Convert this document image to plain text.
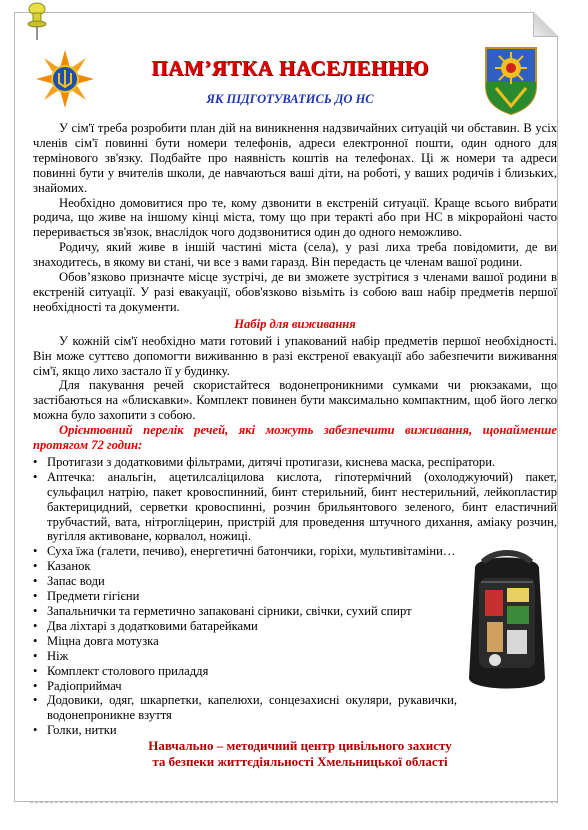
ПАМ’ЯТКА НАСЕЛЕННЮ
ЯК ПІДГОТУВАТИСЬ ДО НС

У сім'ї треба розробити план дій на виникнення надзвичайних ситуацій чи обставин. В усіх членів сім'ї повинні бути номери телефонів, адреси електронної пошти, один одного для термінового зв'язку. Подбайте про наявність коштів на телефонах. Ці ж номери та адреси повинні бути у вчителів школи, де навчаються ваші діти, на роботі, у ваших родичів і близьких, знайомих.

Необхідно домовитися про те, кому дзвонити в екстреній ситуації. Краще всього вибрати родича, що живе на іншому кінці міста, тому що при теракті або при НС в мікрорайоні часто переривається зв'язок, внаслідок чого додзвонитися один до одного неможливо.

Родичу, який живе в іншій частині міста (села), у разі лиха треба повідомити, де ви знаходитесь, в якому ви стані, чи все з вами гаразд. Він передасть це членам вашої родини.

Обов’язково призначте місце зустрічі, де ви зможете зустрітися з членами вашої родини в екстреній ситуації. У разі евакуації, обов'язково візьміть із собою ваш набір предметів першої необхідності та документи.

Набір для виживання

У кожній сім'ї необхідно мати готовий і упакований набір предметів першої необхідності. Він може суттєво допомогти виживанню в разі екстреної евакуації або забезпечити виживання сім'ї, якщо лихо застало її у будинку.

Для пакування речей скористайтеся водонепроникними сумками чи рюкзаками, що застібаються на «блискавки». Комплект повинен бути максимально компактним, щоб його легко можна було захопити з собою.

Орієнтовний перелік речей, які можуть забезпечити виживання, щонайменше протягом 72 годин:
• Протигази з додатковими фільтрами, дитячі протигази, киснева маска, респіратори.
• Аптечка: анальгін, ацетилсаліцилова кислота, гіпотермічний (охолоджуючий) пакет, сульфацил натрію, пакет кровоспинний, бинт стерильний, бинт нестерильний, лейкопластир бактерицидний, серветки кровоспинні, розчин брильянтового зеленого, бинт еластичний трубчастий, вата, нітрогліцерин, пристрій для проведення штучного дихання, аміаку розчин, вугілля активоване, корвалол, ножиці.
• Суха їжа (галети, печиво), енергетичні батончики, горіхи, мультивітаміни…
• Казанок
• Запас води
• Предмети гігієни
• Запальнички та герметично запаковані сірники, свічки, сухий спирт
• Два ліхтарі з додатковими батарейками
• Міцна довга мотузка
• Ніж
• Комплект столового приладдя
• Радіоприймач
• Додовики, одяг, шкарпетки, капелюхи, сонцезахисні окуляри, рукавички, водонепроникне взуття
• Голки, нитки
Навчально – методичний центр цивільного захисту
та безпеки життєдіяльності Хмельницької області
